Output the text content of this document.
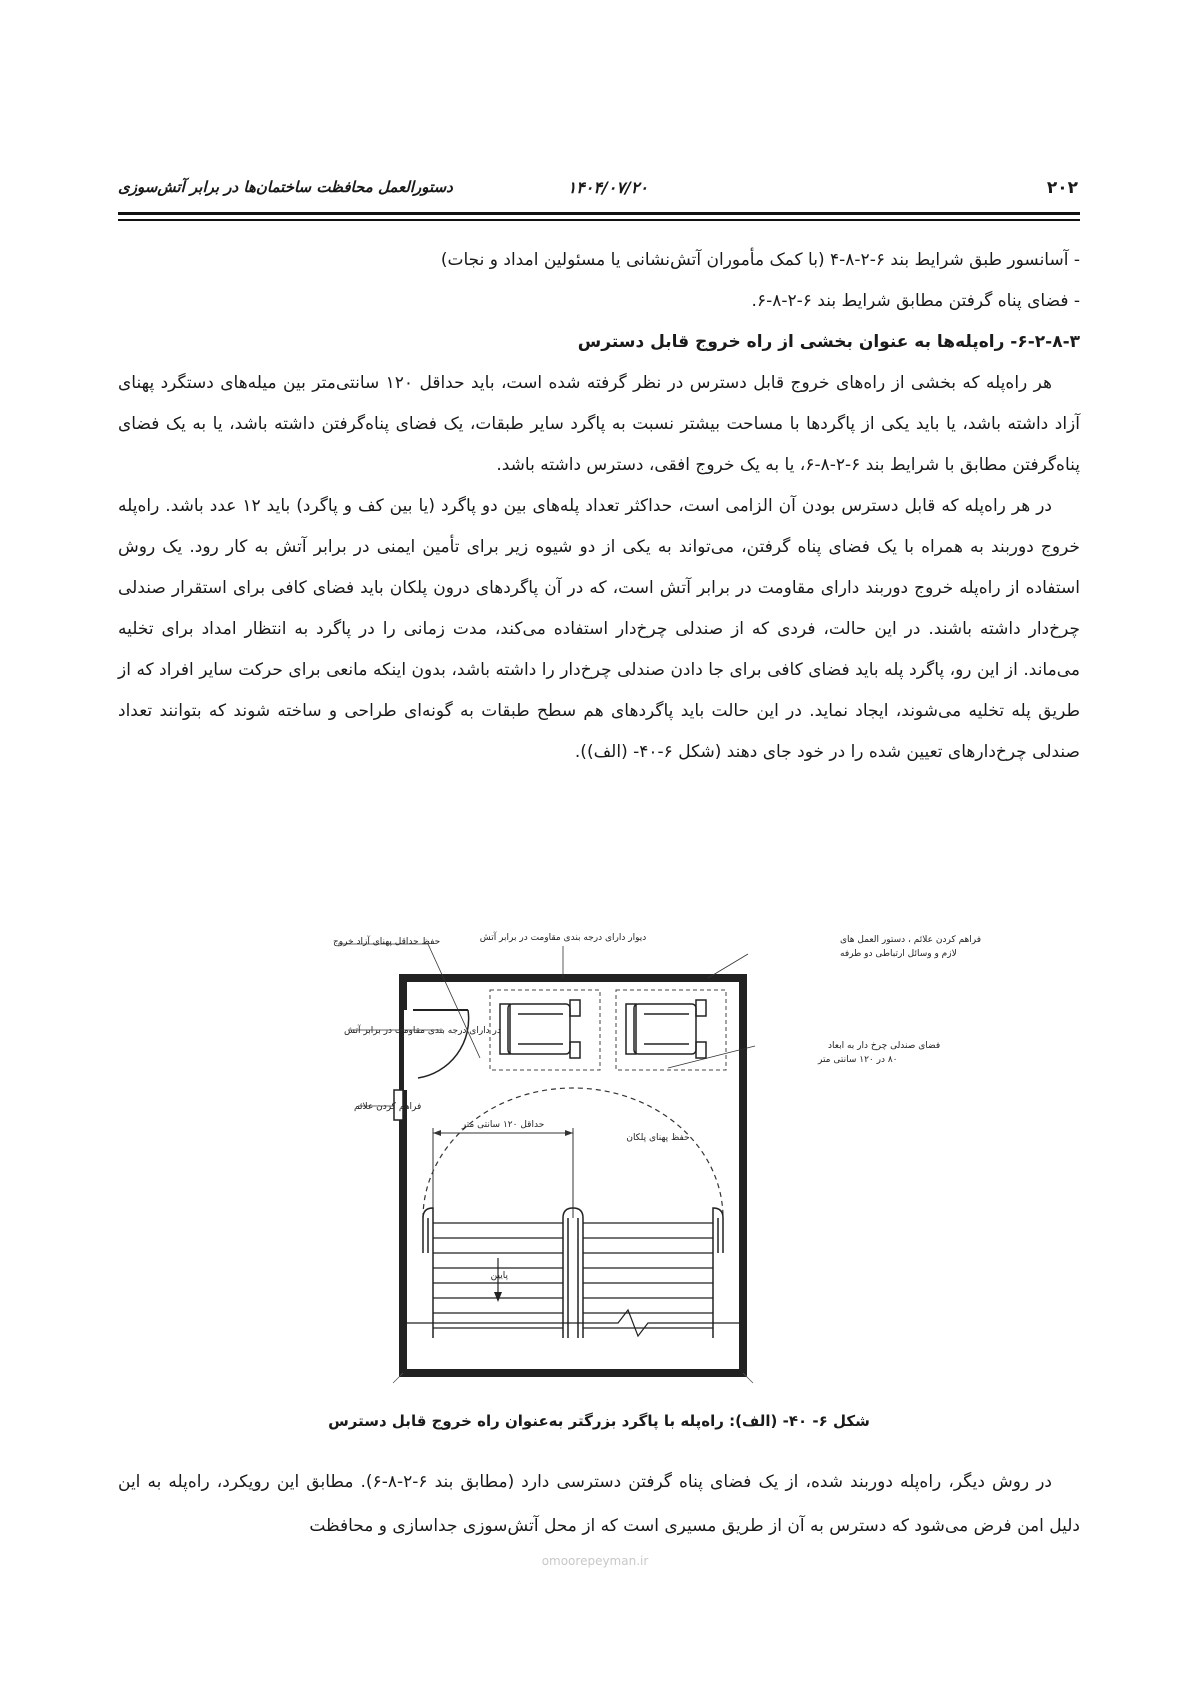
۲۰۲
۱۴۰۴/۰۷/۲۰
دستورالعمل محافظت ساختمان‌ها در برابر آتش‌سوزی

- آسانسور طبق شرایط بند ۶-۲-۸-۴ (با کمک مأموران آتش‌نشانی یا مسئولین امداد و نجات)

- فضای پناه گرفتن مطابق شرایط بند ۶-۲-۸-۶.

۶-۲-۸-۳- راه‌پله‌ها به عنوان بخشی از راه خروج قابل دسترس

هر راه‌پله که بخشی از راه‌های خروج قابل دسترس در نظر گرفته شده است، باید حداقل ۱۲۰ سانتی‌متر بین میله‌های دستگرد پهنای آزاد داشته باشد، یا باید یکی از پاگردها با مساحت بیشتر نسبت به پاگرد سایر طبقات، یک فضای پناه‌گرفتن داشته باشد، یا به یک فضای پناه‌گرفتن مطابق با شرایط بند ۶-۲-۸-۶، یا به یک خروج افقی، دسترس داشته باشد.

در هر راه‌پله که قابل دسترس بودن آن الزامی است، حداکثر تعداد پله‌های بین دو پاگرد (یا بین کف و پاگرد) باید ۱۲ عدد باشد. راه‌پله خروج دوربند به همراه با یک فضای پناه گرفتن، می‌تواند به یکی از دو شیوه زیر برای تأمین ایمنی در برابر آتش به کار رود. یک روش استفاده از راه‌پله خروج دوربند دارای مقاومت در برابر آتش است، که در آن پاگردهای درون پلکان باید فضای کافی برای استقرار صندلی چرخ‌دار داشته باشند. در این حالت، فردی که از صندلی چرخ‌دار استفاده می‌کند، مدت زمانی را در پاگرد به انتظار امداد برای تخلیه می‌ماند. از این رو، پاگرد پله باید فضای کافی برای جا دادن صندلی چرخ‌دار را داشته باشد، بدون اینکه مانعی برای حرکت سایر افراد که از طریق پله تخلیه می‌شوند، ایجاد نماید. در این حالت باید پاگردهای هم سطح طبقات به گونه‌ای طراحی و ساخته شوند که بتوانند تعداد صندلی چرخ‌دارهای تعیین شده را در خود جای دهند (شکل ۶-۴۰- (الف)).

دیوار دارای درجه بندی مقاومت در برابر آتش
حفظ حداقل پهنای آزاد خروج	فراهم کردن علائم ، دستور العمل های
لازم و وسائل ارتباطی دو طرفه
در دارای درجه بندی مقاومت در برابر آتش
فراهم کردن علائم
فضای صندلی چرخ دار به ابعاد
۸۰ در ۱۲۰ سانتی متر
حداقل ۱۲۰ سانتی متر
حفظ پهنای پلکان
پایین
شکل ۶- ۴۰- (الف): راه‌پله با پاگرد بزرگتر به‌عنوان راه خروج قابل دسترس

در روش دیگر، راه‌پله دوربند شده، از یک فضای پناه گرفتن دسترسی دارد (مطابق بند ۶-۲-۸-۶). مطابق این رویکرد، راه‌پله به این دلیل امن فرض می‌شود که دسترس به آن از طریق مسیری است که از محل آتش‌سوزی جداسازی و محافظت

omoorepeyman.ir
